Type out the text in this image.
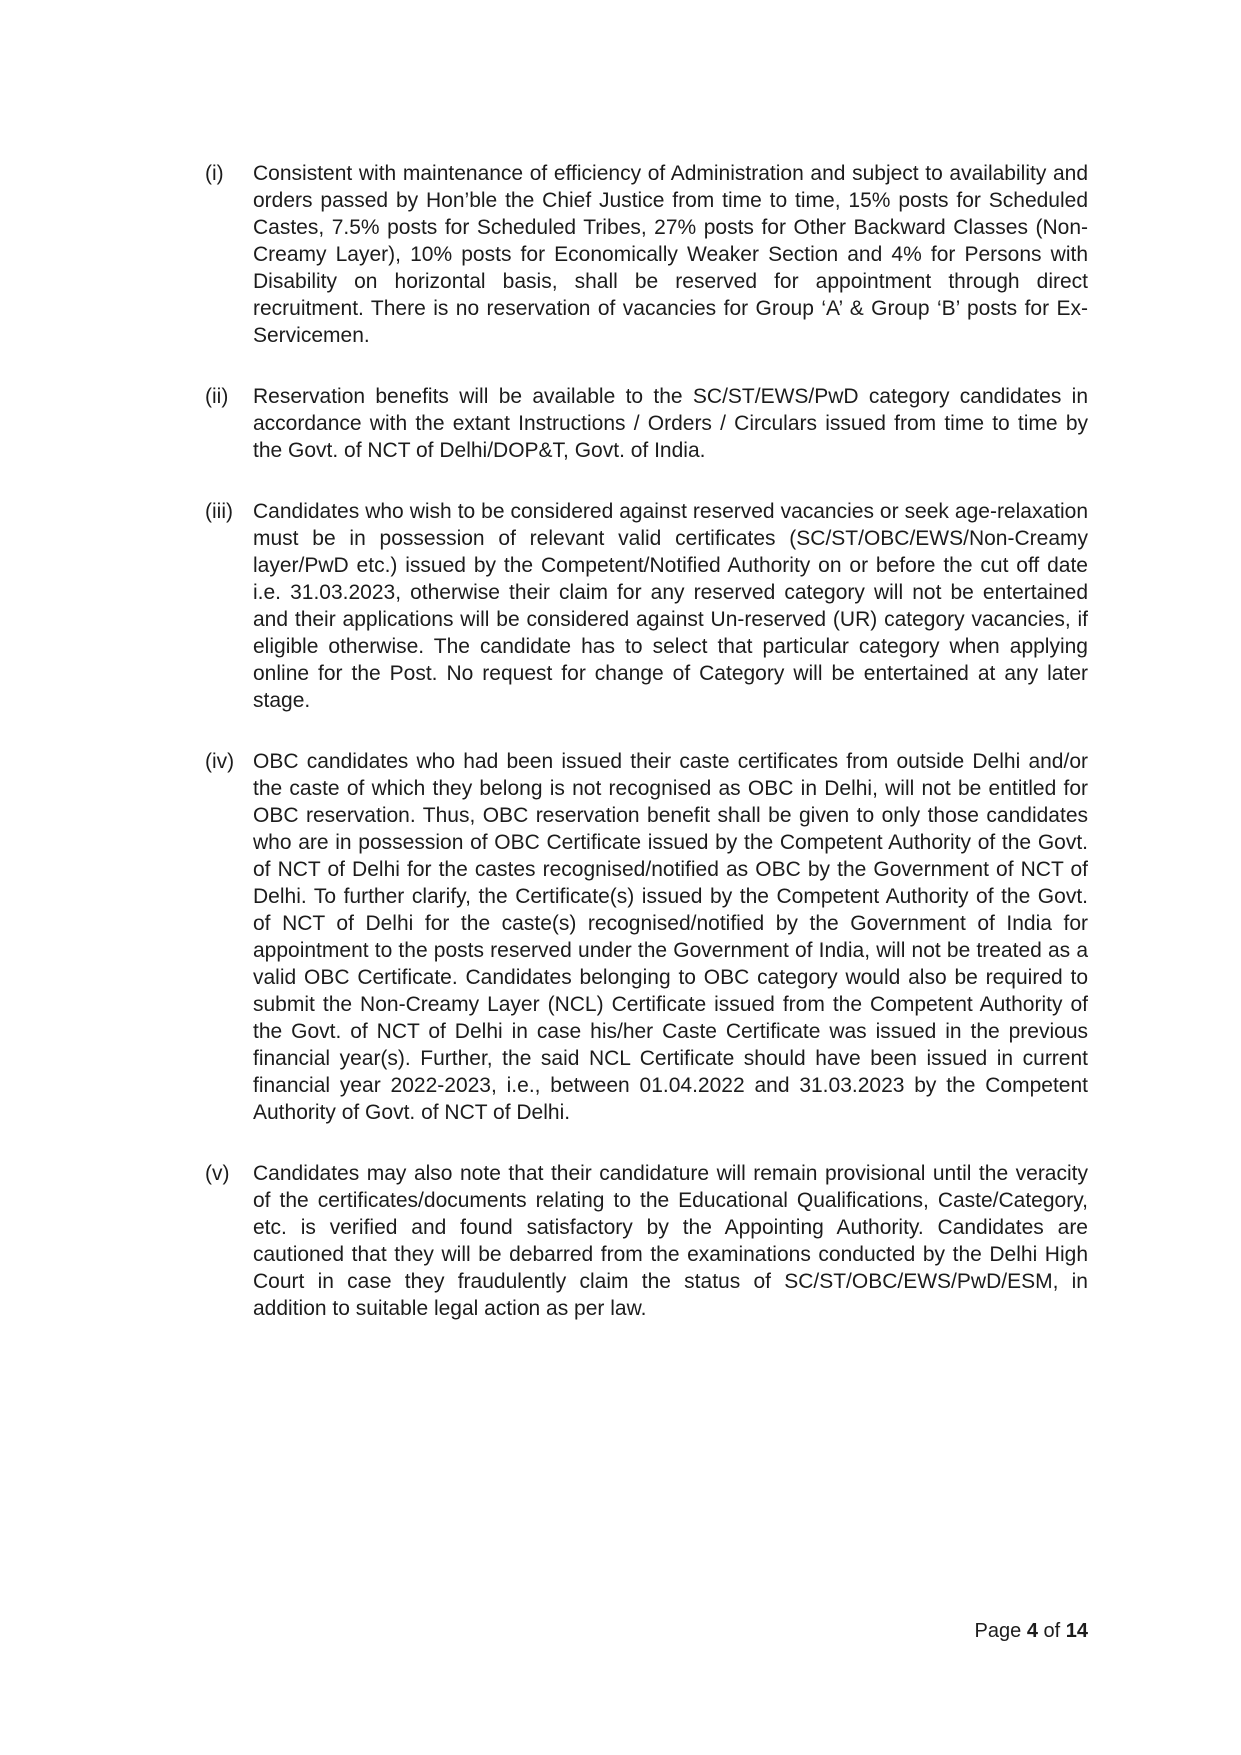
(i)	Consistent with maintenance of efficiency of Administration and subject to availability and orders passed by Hon’ble the Chief Justice from time to time, 15% posts for Scheduled Castes, 7.5% posts for Scheduled Tribes, 27% posts for Other Backward Classes (Non-Creamy Layer), 10% posts for Economically Weaker Section and 4% for Persons with Disability on horizontal basis, shall be reserved for appointment through direct recruitment. There is no reservation of vacancies for Group ‘A’ & Group ‘B’ posts for Ex-Servicemen.
(ii)	Reservation benefits will be available to the SC/ST/EWS/PwD category candidates in accordance with the extant Instructions / Orders / Circulars issued from time to time by the Govt. of NCT of Delhi/DOP&T, Govt. of India.
(iii) Candidates who wish to be considered against reserved vacancies or seek age-relaxation must be in possession of relevant valid certificates (SC/ST/OBC/EWS/Non-Creamy layer/PwD etc.) issued by the Competent/Notified Authority on or before the cut off date i.e. 31.03.2023, otherwise their claim for any reserved category will not be entertained and their applications will be considered against Un-reserved (UR) category vacancies, if eligible otherwise. The candidate has to select that particular category when applying online for the Post. No request for change of Category will be entertained at any later stage.
(iv) OBC candidates who had been issued their caste certificates from outside Delhi and/or the caste of which they belong is not recognised as OBC in Delhi, will not be entitled for OBC reservation. Thus, OBC reservation benefit shall be given to only those candidates who are in possession of OBC Certificate issued by the Competent Authority of the Govt. of NCT of Delhi for the castes recognised/notified as OBC by the Government of NCT of Delhi. To further clarify, the Certificate(s) issued by the Competent Authority of the Govt. of NCT of Delhi for the caste(s) recognised/notified by the Government of India for appointment to the posts reserved under the Government of India, will not be treated as a valid OBC Certificate. Candidates belonging to OBC category would also be required to submit the Non-Creamy Layer (NCL) Certificate issued from the Competent Authority of the Govt. of NCT of Delhi in case his/her Caste Certificate was issued in the previous financial year(s). Further, the said NCL Certificate should have been issued in current financial year 2022-2023, i.e., between 01.04.2022 and 31.03.2023 by the Competent Authority of Govt. of NCT of Delhi.
(v)	Candidates may also note that their candidature will remain provisional until the veracity of the certificates/documents relating to the Educational Qualifications, Caste/Category, etc. is verified and found satisfactory by the Appointing Authority. Candidates are cautioned that they will be debarred from the examinations conducted by the Delhi High Court in case they fraudulently claim the status of SC/ST/OBC/EWS/PwD/ESM, in addition to suitable legal action as per law.
Page 4 of 14
